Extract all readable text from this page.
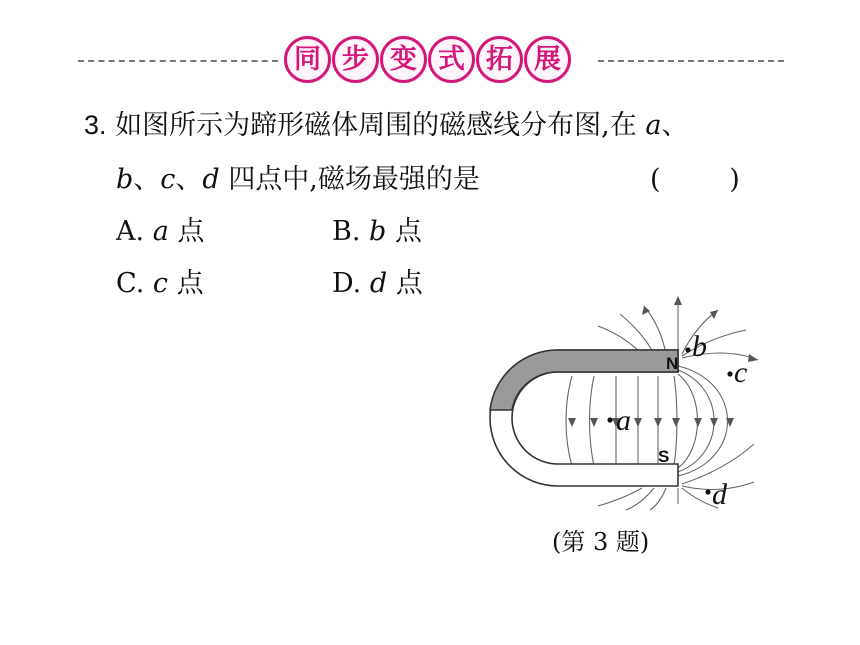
同 步 变 式 拓 展
3. 如图所示为蹄形磁体周围的磁感线分布图,在 a、
b、c、d 四点中,磁场最强的是	(        )
A. a 点	B. b 点
C. c 点	D. d 点
N
S
a
b
c
d
(第 3 题)
